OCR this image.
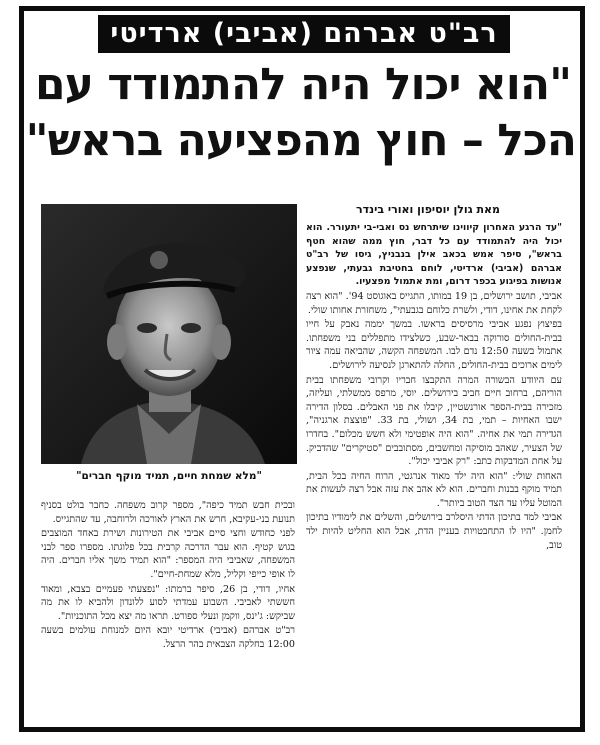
רב"ט אברהם (אביבי) ארדיטי
"הוא יכול היה להתמודד עם
הכל – חוץ מהפציעה בראש"
מאת גולן יוסיפון ואורי בינדר
"מלא שמחת חיים, תמיד מוקף חברים"

"עד הרגע האחרון קיווינו שיתרחש נס ואבי-בי יתעורר. הוא יכול היה להתמודד עם כל דבר, חוץ ממה שהוא חטף בראש", סיפר אמש בכאב אילן בנבניץ, גיסו של רב"ט אברהם (אביבי) ארדיטי, לוחם בחטיבת גבעתי, שנפצע אנושות בפיגוע בכפר דרום, ומת אתמול מפצעיו.

אביבי, תושב ירושלים, בן 19 במותו, התגייס באוגוסט 94'. "הוא רצה לקחת את אחינו, דודי, ולשרת כלוחם בגבעתי", משחזרת אחותו שולי.

בפיצוץ נפגע אביבי מרסיסים בראשו. במשך יממה נאבק על חייו בבית-החולים סורוקה בבאר-שבע, כשלצידו מתפללים בני משפחתו. אתמול בשעה 12:50 נדם לבו. המשפחה הקשה, שהביאה עמה ציור לימים ארוכים בבית-החולים, החלה להתארגן לנסיעה לירושלים.

עם היוודע הבשורה המרה התקבצו חבריו וקרובי משפחתו בבית הוריהם, ברחוב חיים חביב בירושלים. יוסי, מרפס ממשלתי, ועליזה, מזכירה בבית-הספר אורנשטיין, קיבלו את פני האבלים. בסלון הדירה ישבו האחיות – תמי, בת 34, ושולי, בת 33. "פוצצת ארגניה", הגדירה תמי את אחיה. "הוא היה אופטימי ולא חשש מכלום". בחדרו של הצעיר, שאהב מוסיקה ומחשבים, מסתובבים "סטיקרים" שהדביק. על אחת המדבקות כתב: "רק אביבי יכול".

האחות שולי: "הוא היה ילד מאוד אנרגטי, הרוח החיה בכל הבית, תמיד מוקף בבנות וחברים. הוא לא אהב את עזה אבל רצה לעשות את המוטל עליו עד הצד הטוב ביותר".

אביבי למד בתיכון הדתי היסלרב בירושלים, והשלים את לימודיו בתיכון לחמן. "היו לו התחבטויות בעניין הדת, אבל הוא החליט להיות ילד טוב,

ובכית חבש תמיד כיפה", מספר קרוב משפחה. כחבר בולט בסניף תנועת בני-עקיבא, חרש את הארץ לאורכה ולרוחבה, עד שהתגייס.

לפני כחודש וחצי סיים אביבי את הטירונות ושירת באחד המוצבים בגוש קטיף. הוא עבר הדרכה קרבית בכל פלוגתו. מספרו ספר לבני המשפחה, שאביבי היה המספר: "הוא תמיד משך אליו חברים. היה לו אופי כייפי וקליל, מלא שמחת-חיים".

אחיו, דודי, בן 26, סיפר ברמתו: "נפצעתי פעמיים בצבא, ומאוד חששתי לאביבי. השבוע עמדתי לסוע ללונדון ולהביא לו את מה שביקש: ג'ינס, ווקמן ונעלי ספורט. תראו מה יצא מכל התוכניות".

רב"ט אברהם (אביבי) ארדיטי יובא היום למנוחת עולמים בשעה 12:00 בחלקה הצבאית בהר הרצל.
